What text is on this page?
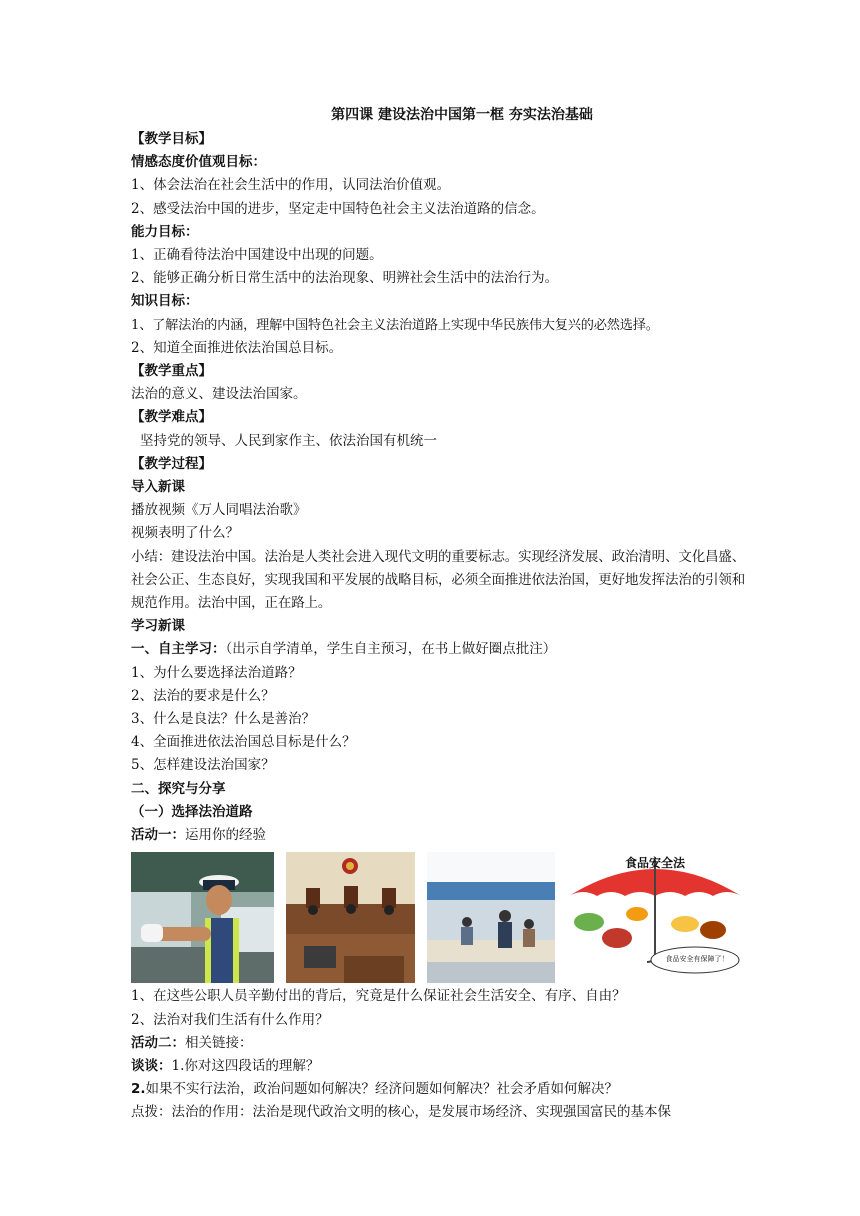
第四课 建设法治中国第一框 夯实法治基础
【教学目标】
情感态度价值观目标：
1、体会法治在社会生活中的作用，认同法治价值观。
2、感受法治中国的进步，坚定走中国特色社会主义法治道路的信念。
能力目标：
1、正确看待法治中国建设中出现的问题。
2、能够正确分析日常生活中的法治现象、明辨社会生活中的法治行为。
知识目标：
1、了解法治的内涵，理解中国特色社会主义法治道路上实现中华民族伟大复兴的必然选择。
2、知道全面推进依法治国总目标。
【教学重点】
法治的意义、建设法治国家。
【教学难点】
坚持党的领导、人民到家作主、依法治国有机统一
【教学过程】
导入新课
播放视频《万人同唱法治歌》
视频表明了什么？
小结：建设法治中国。法治是人类社会进入现代文明的重要标志。实现经济发展、政治清明、文化昌盛、社会公正、生态良好，实现我国和平发展的战略目标，必须全面推进依法治国，更好地发挥法治的引领和规范作用。法治中国，正在路上。
学习新课
一、自主学习：（出示自学清单，学生自主预习，在书上做好圈点批注）
1、为什么要选择法治道路？
2、法治的要求是什么？
3、什么是良法？什么是善治？
4、全面推进依法治国总目标是什么？
5、怎样建设法治国家？
二、探究与分享
（一）选择法治道路
活动一：运用你的经验
食品安全法
食品安全有保障了！
1、在这些公职人员辛勤付出的背后，究竟是什么保证社会生活安全、有序、自由？
2、法治对我们生活有什么作用？
活动二：相关链接：
谈谈：1.你对这四段话的理解？
2.如果不实行法治，政治问题如何解决？经济问题如何解决？社会矛盾如何解决？
点拨：法治的作用：法治是现代政治文明的核心，是发展市场经济、实现强国富民的基本保
